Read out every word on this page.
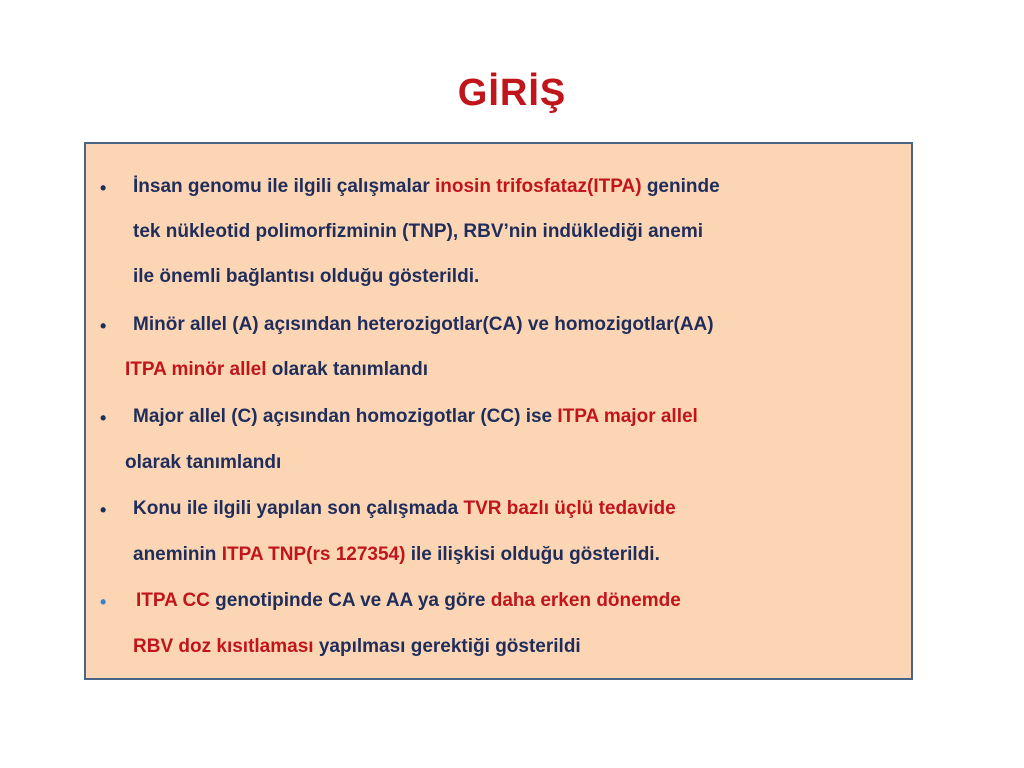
GİRİŞ
• İnsan genomu ile ilgili çalışmalar inosin trifosfataz(ITPA) geninde
tek nükleotid polimorfizminin (TNP), RBV’nin indüklediği anemi
ile önemli bağlantısı olduğu gösterildi.
• Minör allel (A) açısından heterozigotlar(CA) ve homozigotlar(AA)
ITPA minör allel olarak tanımlandı
• Major allel (C) açısından homozigotlar (CC) ise ITPA major allel
olarak tanımlandı
• Konu ile ilgili yapılan son çalışmada TVR bazlı üçlü tedavide
aneminin ITPA TNP(rs 127354) ile ilişkisi olduğu gösterildi.
• ITPA CC genotipinde CA ve AA ya göre daha erken dönemde
RBV doz kısıtlaması yapılması gerektiği gösterildi
